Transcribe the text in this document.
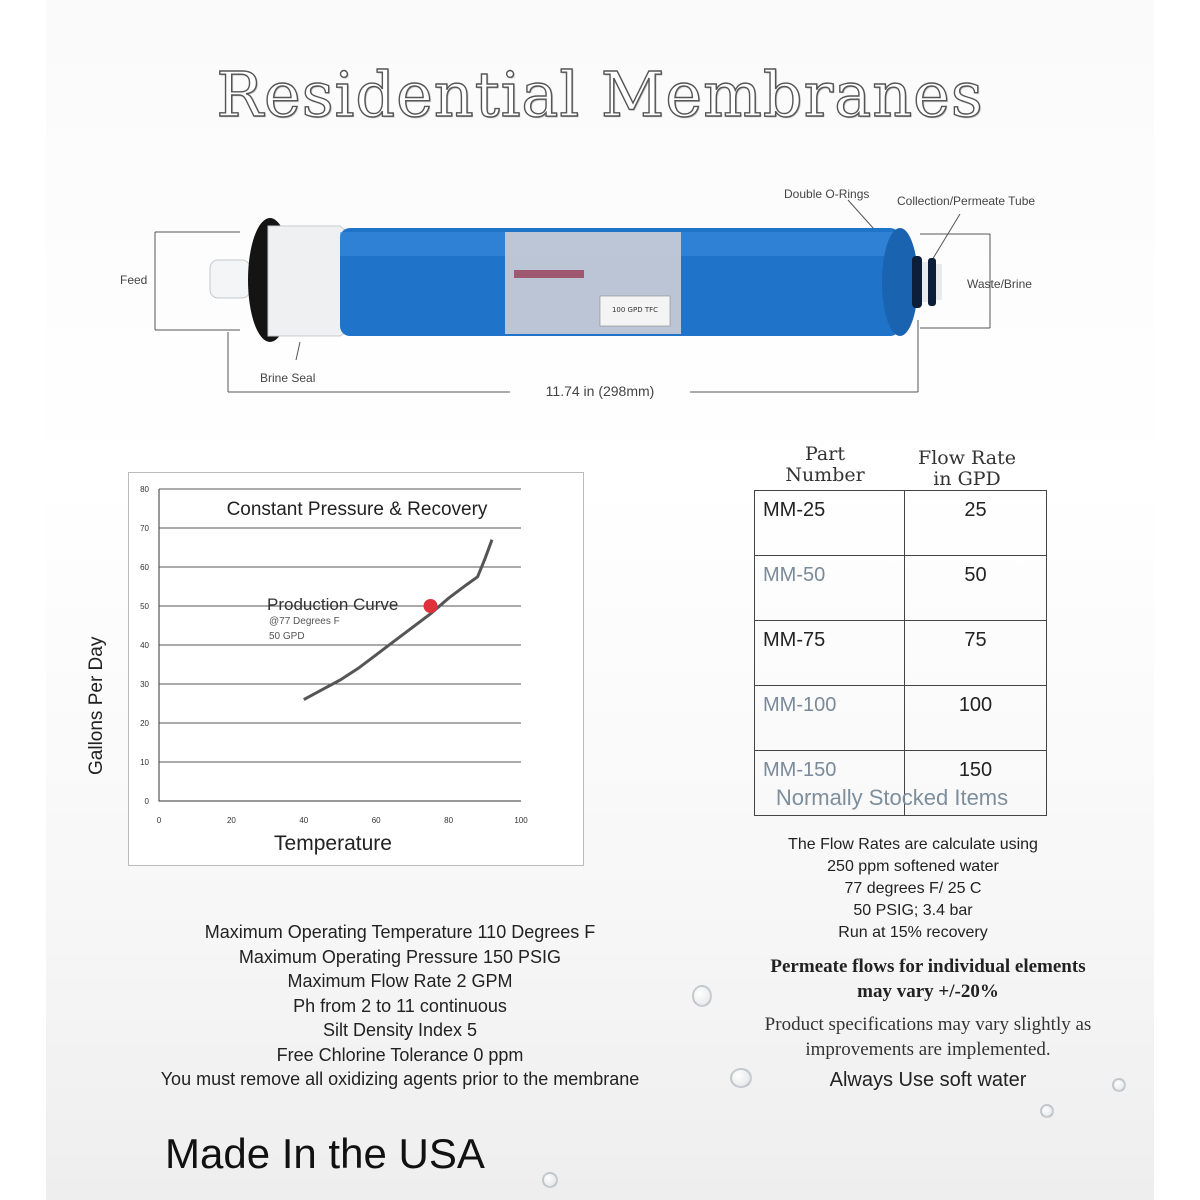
Residential Membranes
100 GPD TFC
Double O-Rings Collection/Permeate Tube
Feed	Waste/Brine
Brine Seal
11.74 in (298mm)
0
10
20
30
40
50
60
70
80
0	20	40	60	80	100
Constant Pressure & Recovery
Production Curve
@77 Degrees F
50 GPD
Temperature
Gallons Per Day
Part
Number
Flow Rate
in GPD
MM-25	25
MM-50	50
MM-75	75
MM-100	100
MM-150	150
Normally Stocked Items
The Flow Rates are calculate using
250 ppm softened water
77 degrees F/ 25 C
50 PSIG; 3.4 bar
Run at 15% recovery
Permeate flows for individual elements
may vary +/-20%
Product specifications may vary slightly as
improvements are implemented.
Always Use soft water
Maximum Operating Temperature 110 Degrees F
Maximum Operating Pressure 150 PSIG
Maximum Flow Rate 2 GPM
Ph from 2 to 11 continuous
Silt Density Index 5
Free Chlorine Tolerance 0 ppm
You must remove all oxidizing agents prior to the membrane
Made In the USA
